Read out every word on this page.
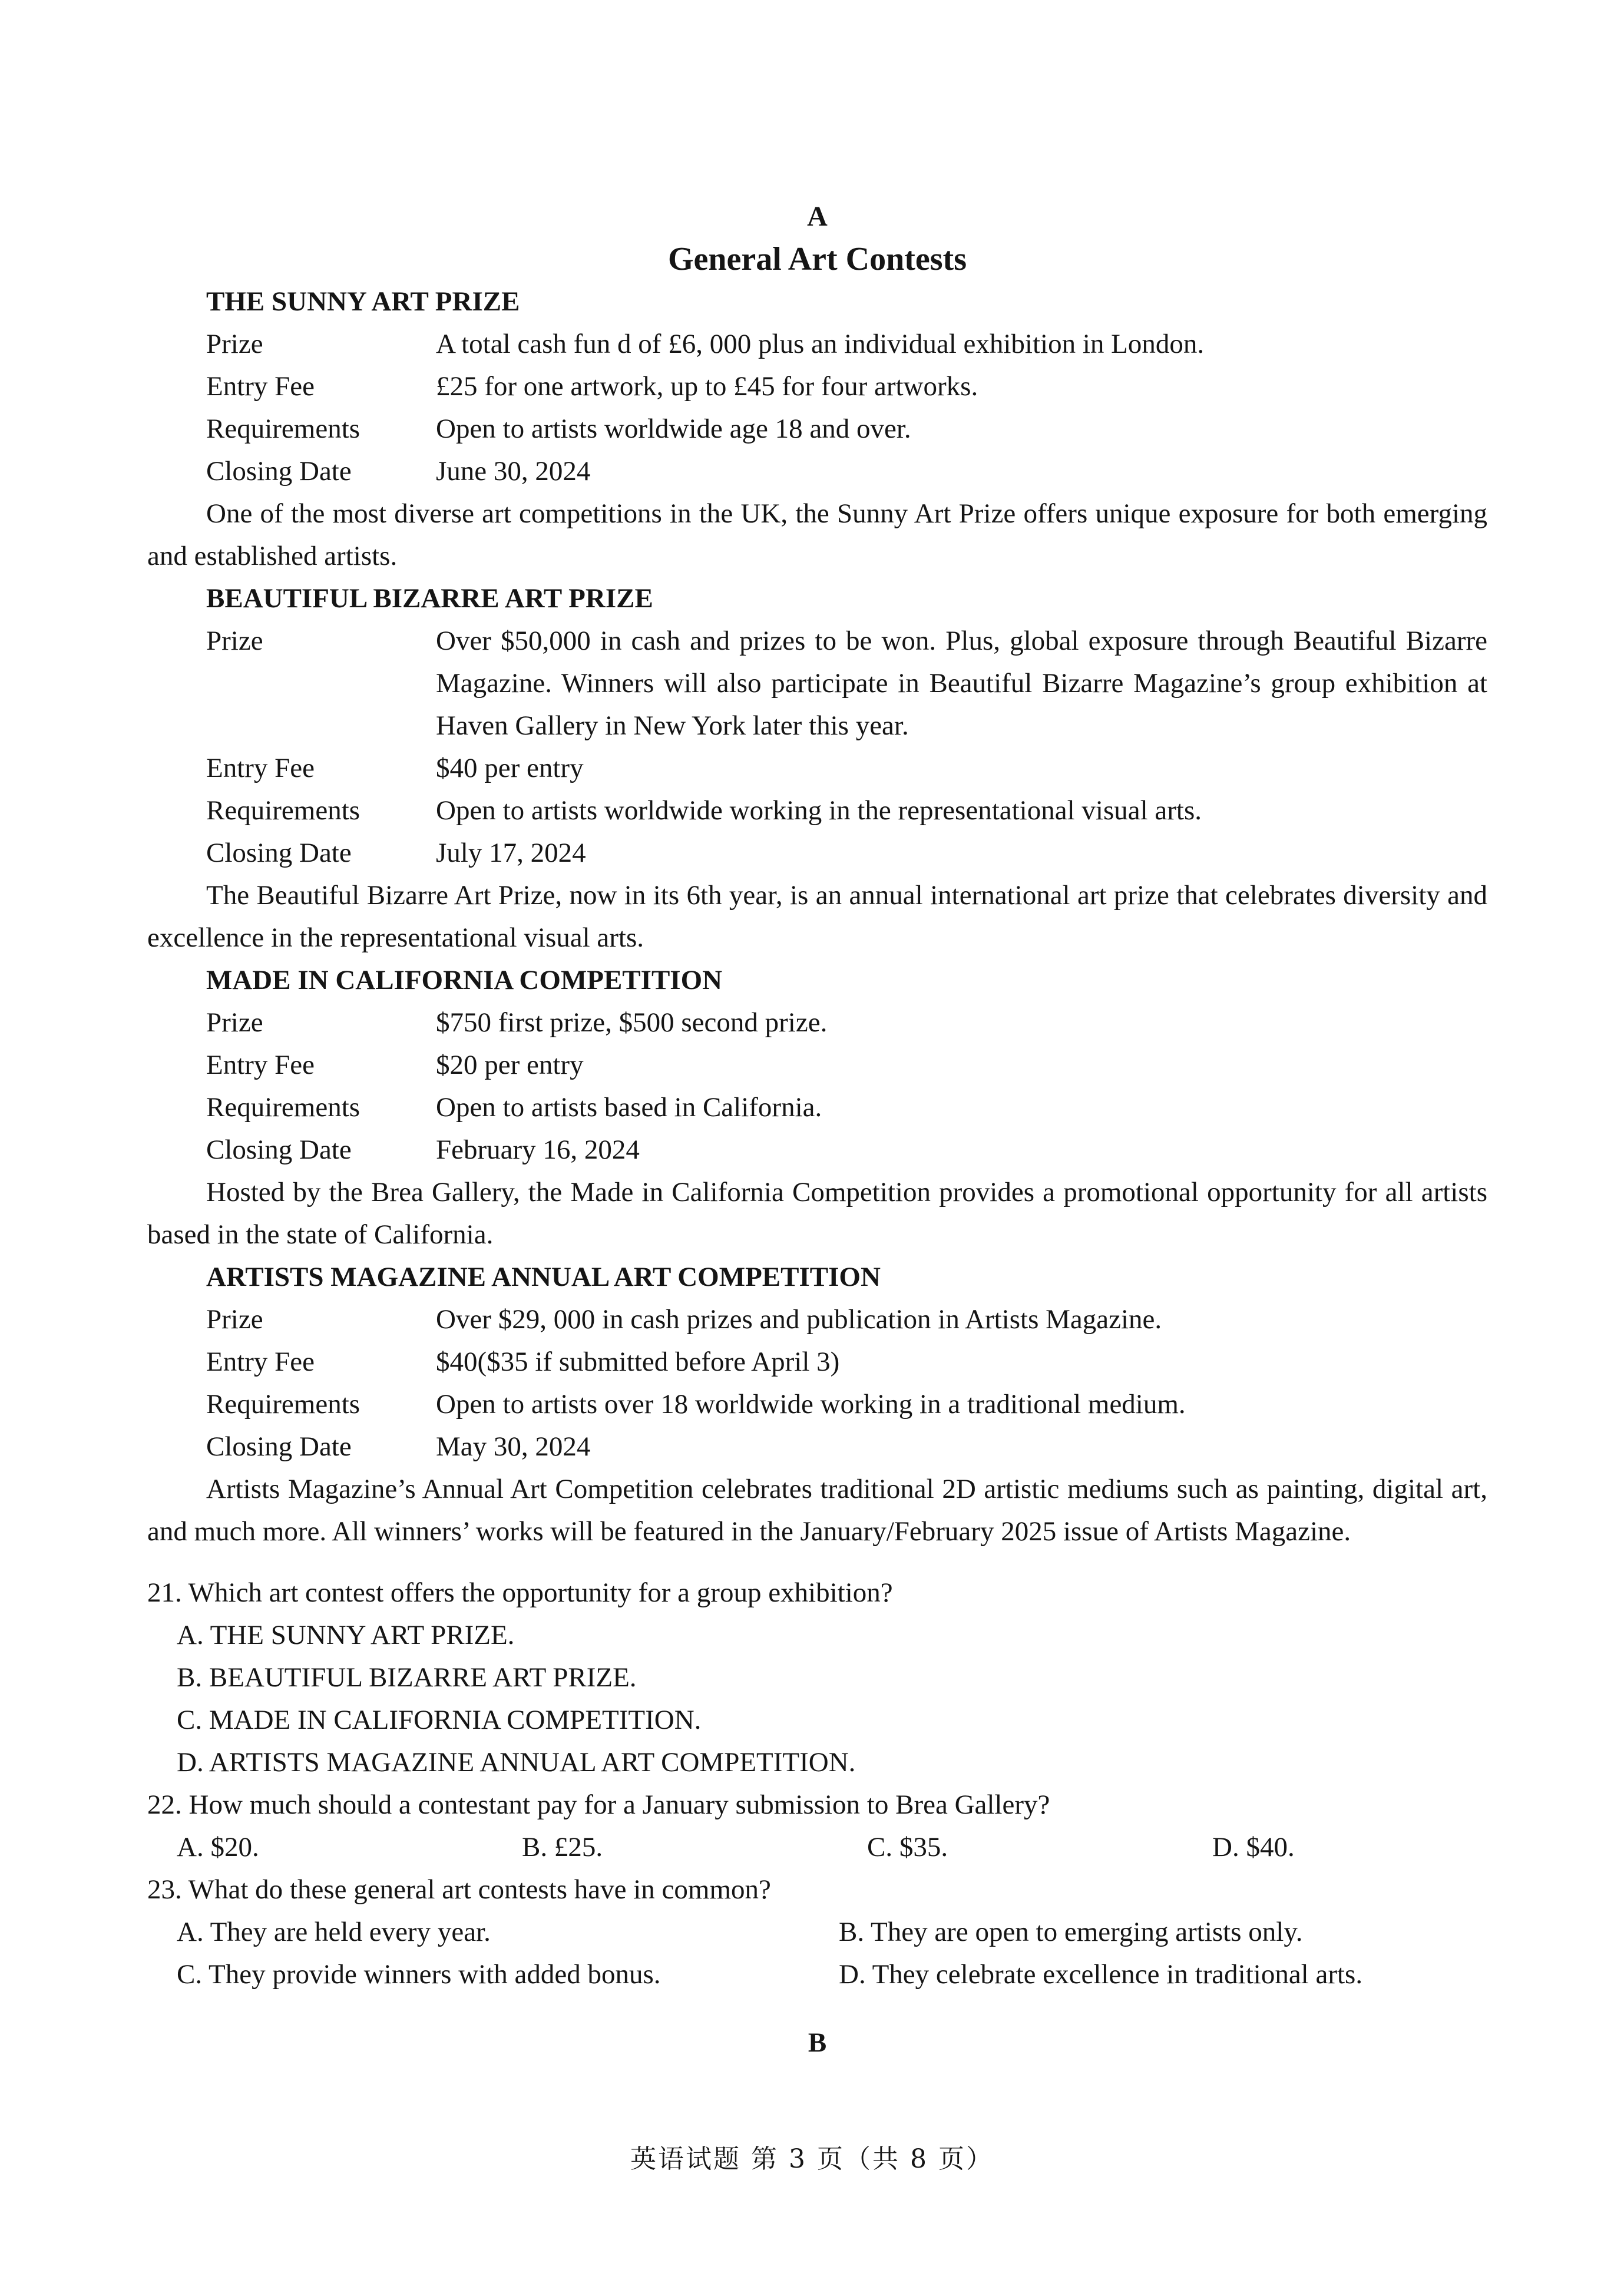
A
General Art Contests
THE SUNNY ART PRIZE
Prize	A total cash fun d of £6, 000 plus an individual exhibition in London.
Entry Fee	£25 for one artwork, up to £45 for four artworks.
Requirements	Open to artists worldwide age 18 and over.
Closing Date	June 30, 2024
One of the most diverse art competitions in the UK, the Sunny Art Prize offers unique exposure for both emerging and established artists.
BEAUTIFUL BIZARRE ART PRIZE
Prize	Over $50,000 in cash and prizes to be won. Plus, global exposure through Beautiful Bizarre Magazine. Winners will also participate in Beautiful Bizarre Magazine’s group exhibition at Haven Gallery in New York later this year.
Entry Fee	$40 per entry
Requirements	Open to artists worldwide working in the representational visual arts.
Closing Date	July 17, 2024
The Beautiful Bizarre Art Prize, now in its 6th year, is an annual international art prize that celebrates diversity and excellence in the representational visual arts.
MADE IN CALIFORNIA COMPETITION
Prize	$750 first prize, $500 second prize.
Entry Fee	$20 per entry
Requirements	Open to artists based in California.
Closing Date	February 16, 2024
Hosted by the Brea Gallery, the Made in California Competition provides a promotional opportunity for all artists based in the state of California.
ARTISTS MAGAZINE ANNUAL ART COMPETITION
Prize	Over $29, 000 in cash prizes and publication in Artists Magazine.
Entry Fee	$40($35 if submitted before April 3)
Requirements	Open to artists over 18 worldwide working in a traditional medium.
Closing Date	May 30, 2024
Artists Magazine’s Annual Art Competition celebrates traditional 2D artistic mediums such as painting, digital art, and much more. All winners’ works will be featured in the January/February 2025 issue of Artists Magazine.
21. Which art contest offers the opportunity for a group exhibition?
A. THE SUNNY ART PRIZE.
B. BEAUTIFUL BIZARRE ART PRIZE.
C. MADE IN CALIFORNIA COMPETITION.
D. ARTISTS MAGAZINE ANNUAL ART COMPETITION.
22. How much should a contestant pay for a January submission to Brea Gallery?
A. $20.	B. £25.	C. $35.	D. $40.
23. What do these general art contests have in common?
A. They are held every year.	B. They are open to emerging artists only.
C. They provide winners with added bonus.	D. They celebrate excellence in traditional arts.
B
英语试题 第 3 页（共 8 页）
